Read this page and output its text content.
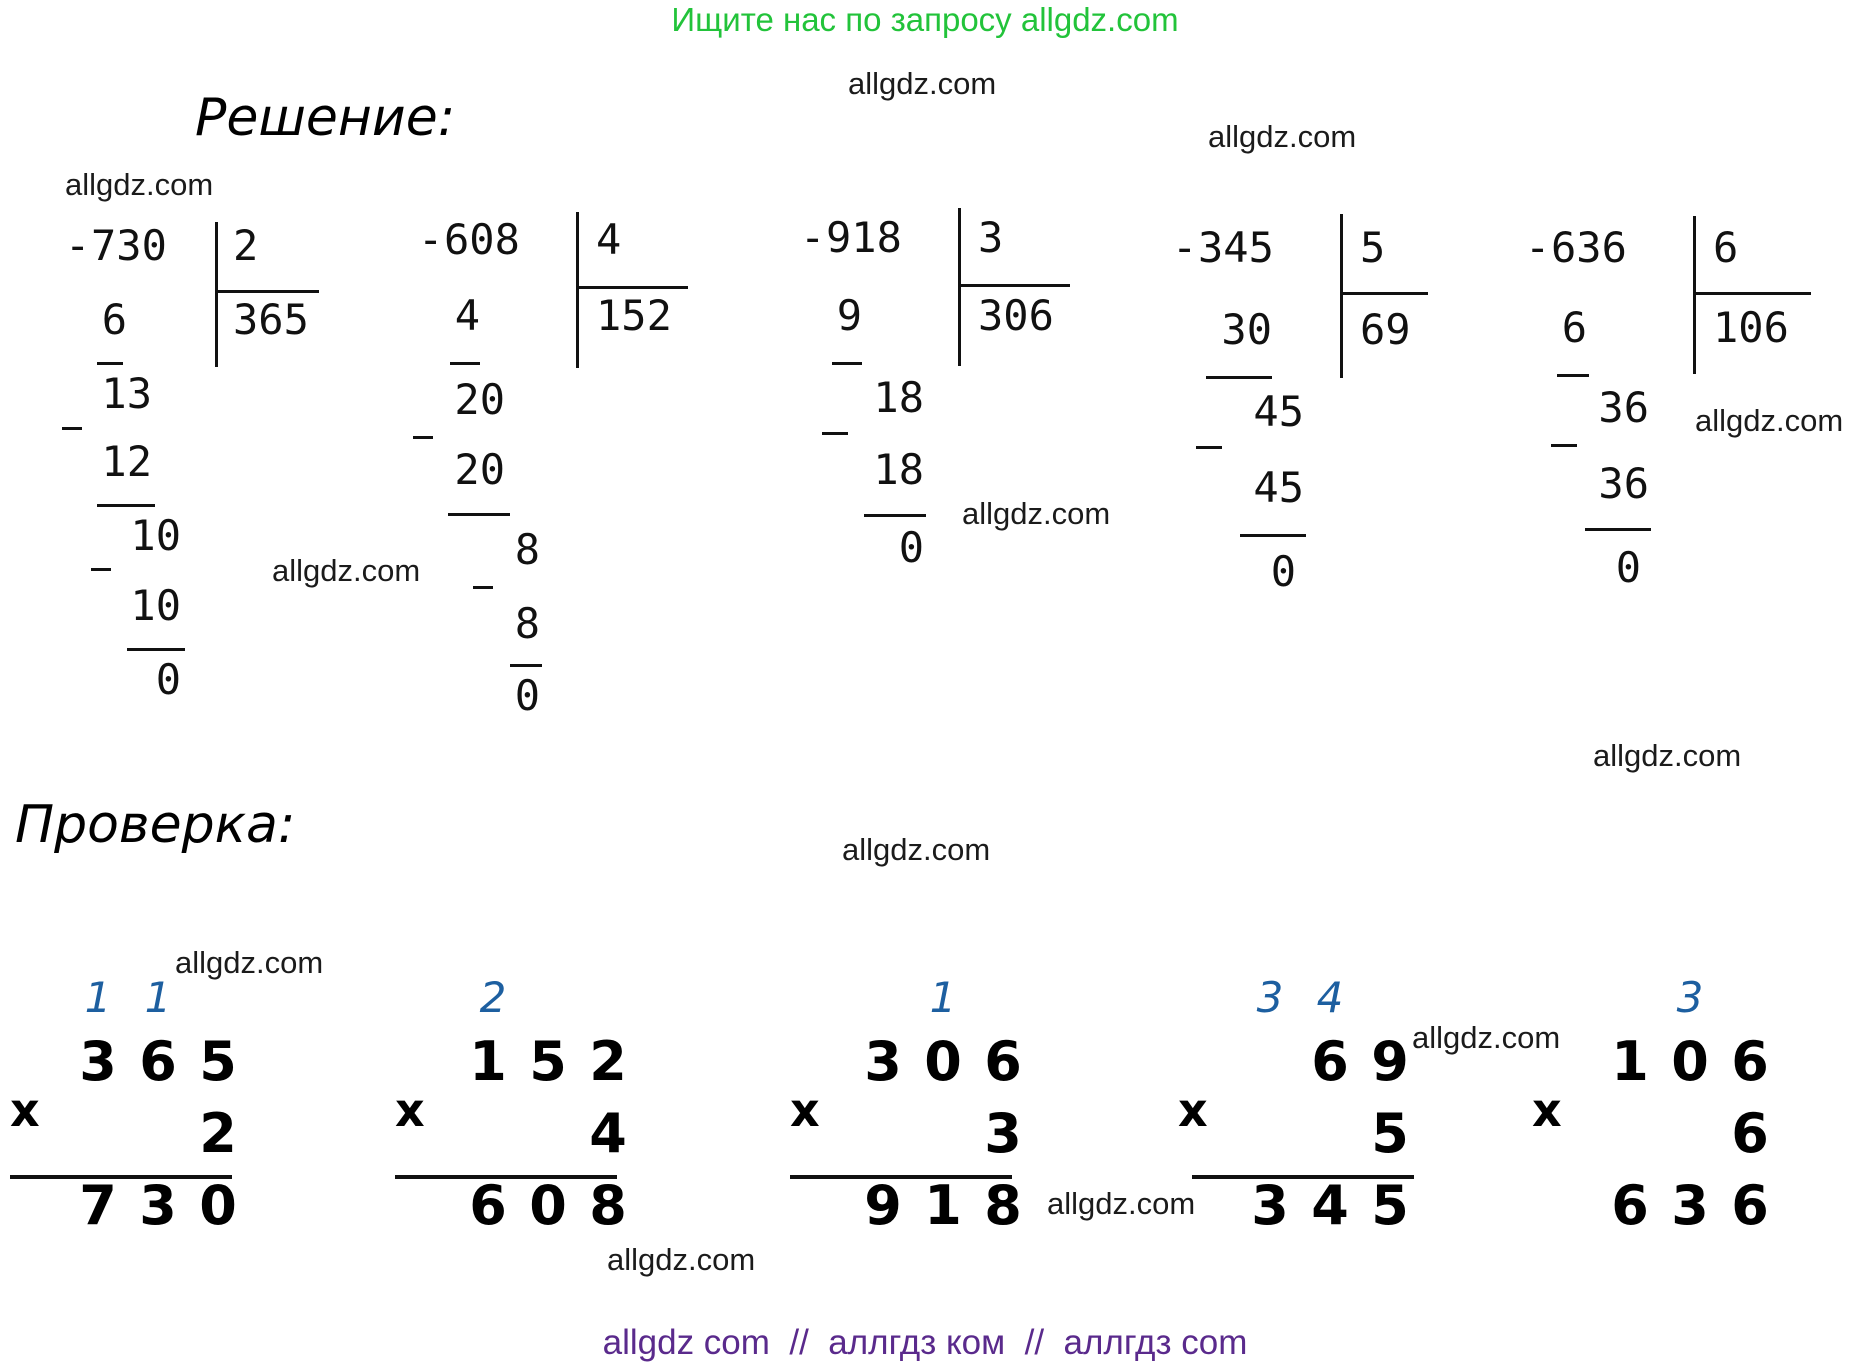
Ищите нас по запросу allgdz.com
Решение:
Проверка:
allgdz.com
allgdz.com
allgdz.com
allgdz.com
allgdz.com
allgdz.com
allgdz.com
allgdz.com
allgdz.com
allgdz.com
allgdz.com
allgdz.com
- 730 2
365
6
13
12
10
10
0
- 608 4
152
4
20
20
8
8
0
- 918 3
306
9
18
18
0
- 345 5
69
30
45
45
0
- 636 6
106
6
36
36
0
1 1
3 6 5
x	2
7 3 0
2
1 5 2
x	4
6 0 8
1
3 0 6
x	3
9 1 8
3 4
6 9
x	5
3 4 5
3
1 0 6
x	6
6 3 6
allgdz com  //  аллгдз ком  //  аллгдз com
